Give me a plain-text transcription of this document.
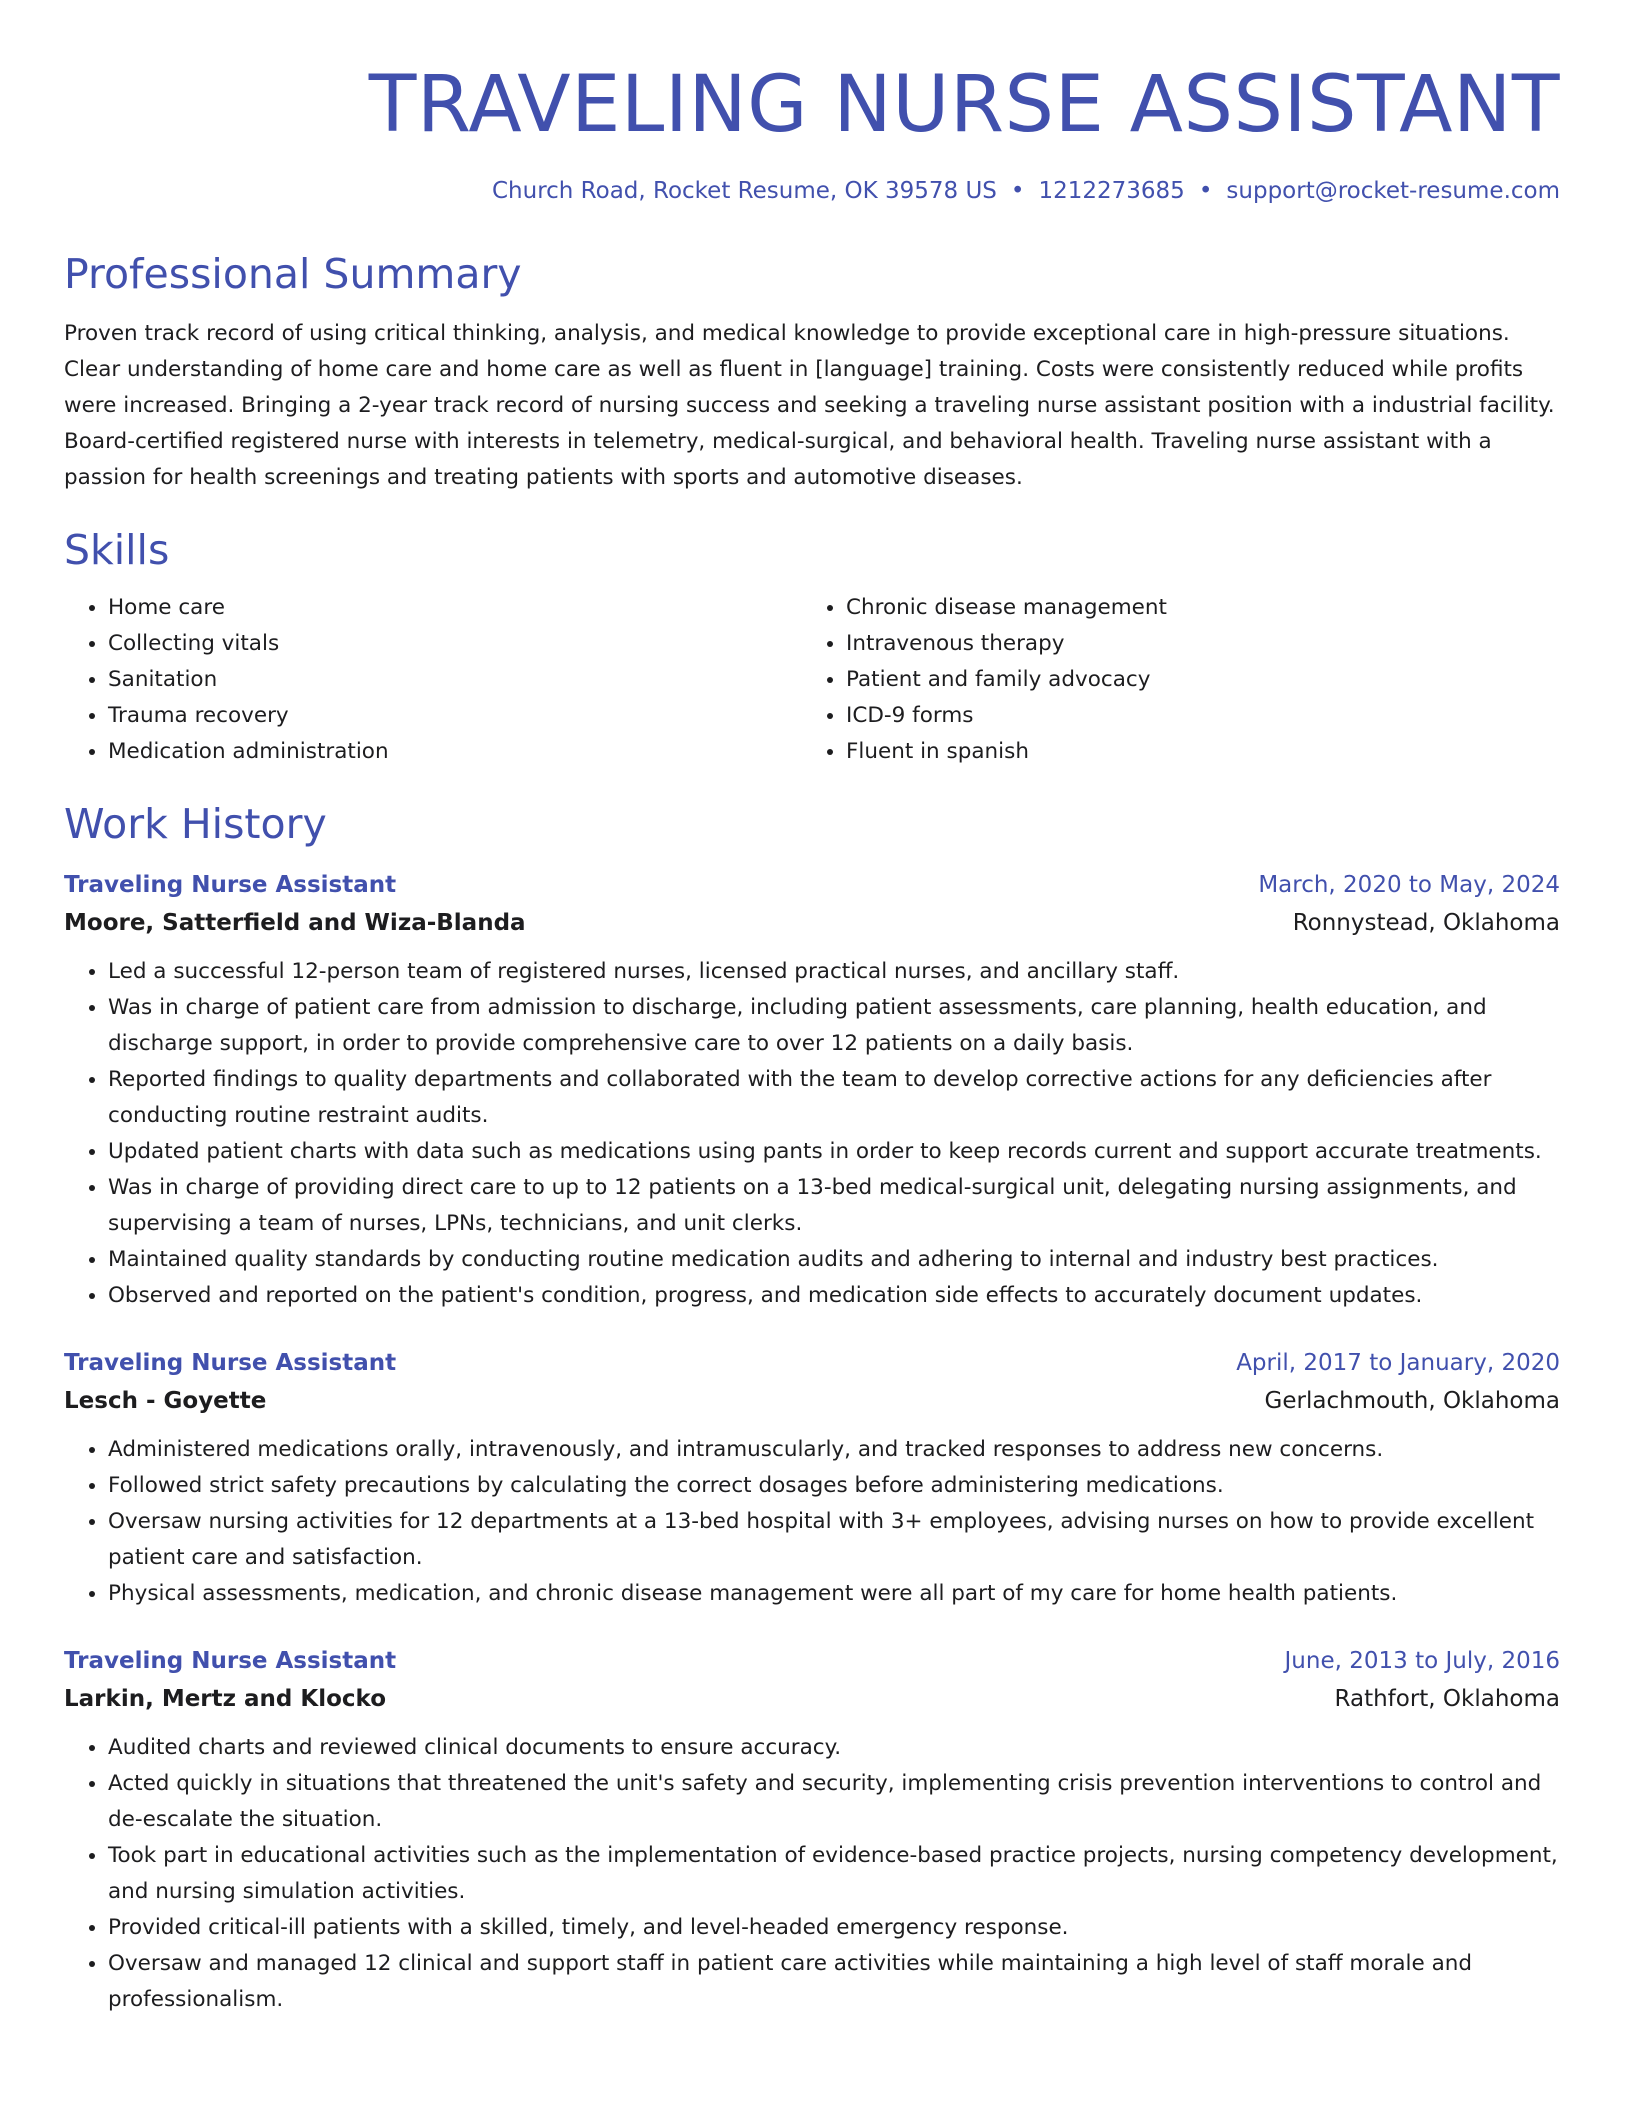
TRAVELING NURSE ASSISTANT
Church Road, Rocket Resume, OK 39578 US • 1212273685 • support@rocket-resume.com
Professional Summary

Proven track record of using critical thinking, analysis, and medical knowledge to provide exceptional care in high-pressure situations. Clear understanding of home care and home care as well as fluent in [language] training. Costs were consistently reduced while profits were increased. Bringing a 2-year track record of nursing success and seeking a traveling nurse assistant position with a industrial facility. Board-certified registered nurse with interests in telemetry, medical-surgical, and behavioral health. Traveling nurse assistant with a passion for health screenings and treating patients with sports and automotive diseases.

Skills
• Home care
• Collecting vitals
• Sanitation
• Trauma recovery
• Medication administration
• Chronic disease management
• Intravenous therapy
• Patient and family advocacy
• ICD-9 forms
• Fluent in spanish
Work History
Traveling Nurse Assistant	March, 2020 to May, 2024
Moore, Satterfield and Wiza-Blanda	Ronnystead, Oklahoma
• Led a successful 12-person team of registered nurses, licensed practical nurses, and ancillary staff.
• Was in charge of patient care from admission to discharge, including patient assessments, care planning, health education, and discharge support, in order to provide comprehensive care to over 12 patients on a daily basis.
• Reported findings to quality departments and collaborated with the team to develop corrective actions for any deficiencies after conducting routine restraint audits.
• Updated patient charts with data such as medications using pants in order to keep records current and support accurate treatments.
• Was in charge of providing direct care to up to 12 patients on a 13-bed medical-surgical unit, delegating nursing assignments, and supervising a team of nurses, LPNs, technicians, and unit clerks.
• Maintained quality standards by conducting routine medication audits and adhering to internal and industry best practices.
• Observed and reported on the patient's condition, progress, and medication side effects to accurately document updates.
Traveling Nurse Assistant	April, 2017 to January, 2020
Lesch - Goyette	Gerlachmouth, Oklahoma
• Administered medications orally, intravenously, and intramuscularly, and tracked responses to address new concerns.
• Followed strict safety precautions by calculating the correct dosages before administering medications.
• Oversaw nursing activities for 12 departments at a 13-bed hospital with 3+ employees, advising nurses on how to provide excellent patient care and satisfaction.
• Physical assessments, medication, and chronic disease management were all part of my care for home health patients.
Traveling Nurse Assistant	June, 2013 to July, 2016
Larkin, Mertz and Klocko	Rathfort, Oklahoma
• Audited charts and reviewed clinical documents to ensure accuracy.
• Acted quickly in situations that threatened the unit's safety and security, implementing crisis prevention interventions to control and de-escalate the situation.
• Took part in educational activities such as the implementation of evidence-based practice projects, nursing competency development, and nursing simulation activities.
• Provided critical-ill patients with a skilled, timely, and level-headed emergency response.
• Oversaw and managed 12 clinical and support staff in patient care activities while maintaining a high level of staff morale and professionalism.
